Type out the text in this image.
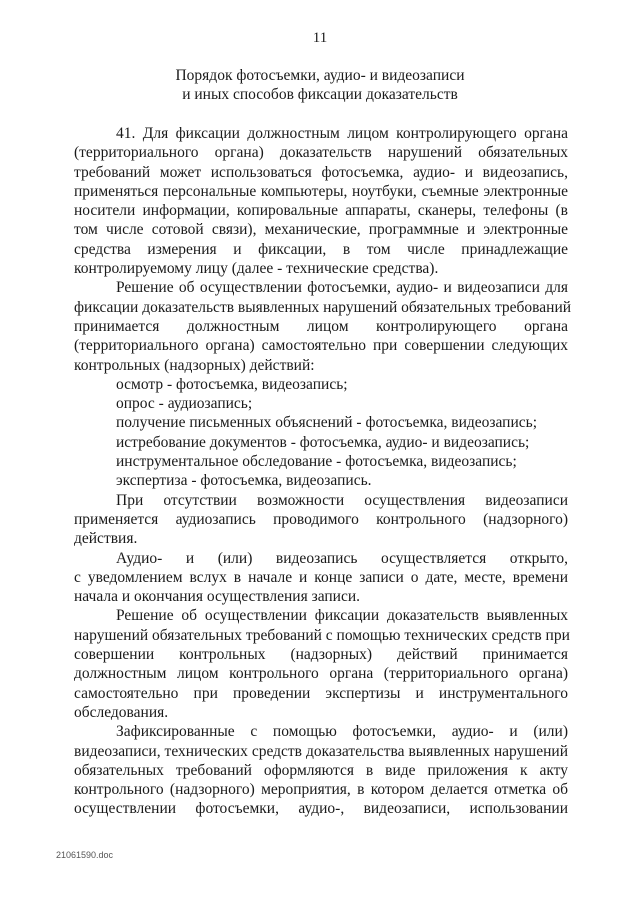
11
Порядок фотосъемки, аудио- и видеозаписи
и иных способов фиксации доказательств
41. Для фиксации должностным лицом контролирующего органа
(территориального органа) доказательств нарушений обязательных
требований может использоваться фотосъемка, аудио- и видеозапись,
применяться персональные компьютеры, ноутбуки, съемные электронные
носители информации, копировальные аппараты, сканеры, телефоны (в
том числе сотовой связи), механические, программные и электронные
средства измерения и фиксации, в том числе принадлежащие
контролируемому лицу (далее - технические средства).
Решение об осуществлении фотосъемки, аудио- и видеозаписи для
фиксации доказательств выявленных нарушений обязательных требований
принимается должностным лицом контролирующего органа
(территориального органа) самостоятельно при совершении следующих
контрольных (надзорных) действий:
осмотр - фотосъемка, видеозапись;
опрос - аудиозапись;
получение письменных объяснений - фотосъемка, видеозапись;
истребование документов - фотосъемка, аудио- и видеозапись;
инструментальное обследование - фотосъемка, видеозапись;
экспертиза - фотосъемка, видеозапись.
При отсутствии возможности осуществления видеозаписи
применяется аудиозапись проводимого контрольного (надзорного)
действия.
Аудио- и (или) видеозапись осуществляется открыто,
с уведомлением вслух в начале и конце записи о дате, месте, времени
начала и окончания осуществления записи.
Решение об осуществлении фиксации доказательств выявленных
нарушений обязательных требований с помощью технических средств при
совершении контрольных (надзорных) действий принимается
должностным лицом контрольного органа (территориального органа)
самостоятельно при проведении экспертизы и инструментального
обследования.
Зафиксированные с помощью фотосъемки, аудио- и (или)
видеозаписи, технических средств доказательства выявленных нарушений
обязательных требований оформляются в виде приложения к акту
контрольного (надзорного) мероприятия, в котором делается отметка об
осуществлении фотосъемки, аудио-, видеозаписи, использовании
21061590.doc
